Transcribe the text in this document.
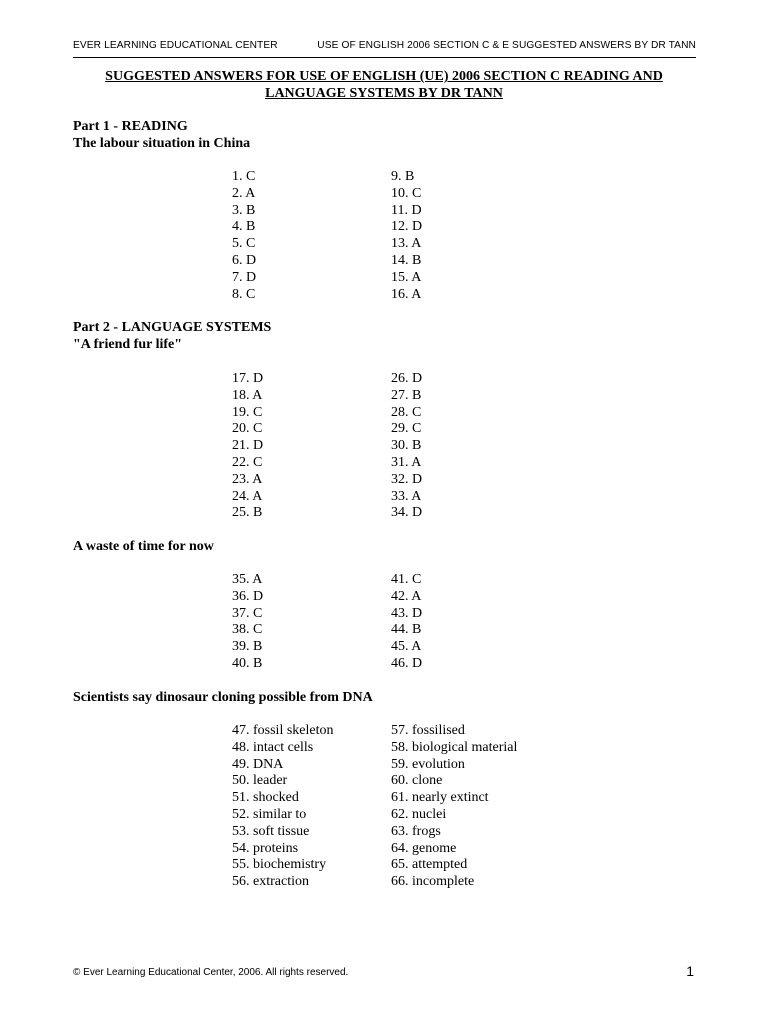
EVER LEARNING EDUCATIONAL CENTER	USE OF ENGLISH 2006 SECTION C & E SUGGESTED ANSWERS BY DR TANN
SUGGESTED ANSWERS FOR USE OF ENGLISH (UE) 2006 SECTION C READING AND
LANGUAGE SYSTEMS BY DR TANN
Part 1 - READING
The labour situation in China
1. C
2. A
3. B
4. B
5. C
6. D
7. D
8. C
9. B
10. C
11. D
12. D
13. A
14. B
15. A
16. A
Part 2 - LANGUAGE SYSTEMS
"A friend fur life"
17. D
18. A
19. C
20. C
21. D
22. C
23. A
24. A
25. B
26. D
27. B
28. C
29. C
30. B
31. A
32. D
33. A
34. D
A waste of time for now
35. A
36. D
37. C
38. C
39. B
40. B
41. C
42. A
43. D
44. B
45. A
46. D
Scientists say dinosaur cloning possible from DNA
47. fossil skeleton
48. intact cells
49. DNA
50. leader
51. shocked
52. similar to
53. soft tissue
54. proteins
55. biochemistry
56. extraction
57. fossilised
58. biological material
59. evolution
60. clone
61. nearly extinct
62. nuclei
63. frogs
64. genome
65. attempted
66. incomplete
© Ever Learning Educational Center, 2006. All rights reserved.	1
